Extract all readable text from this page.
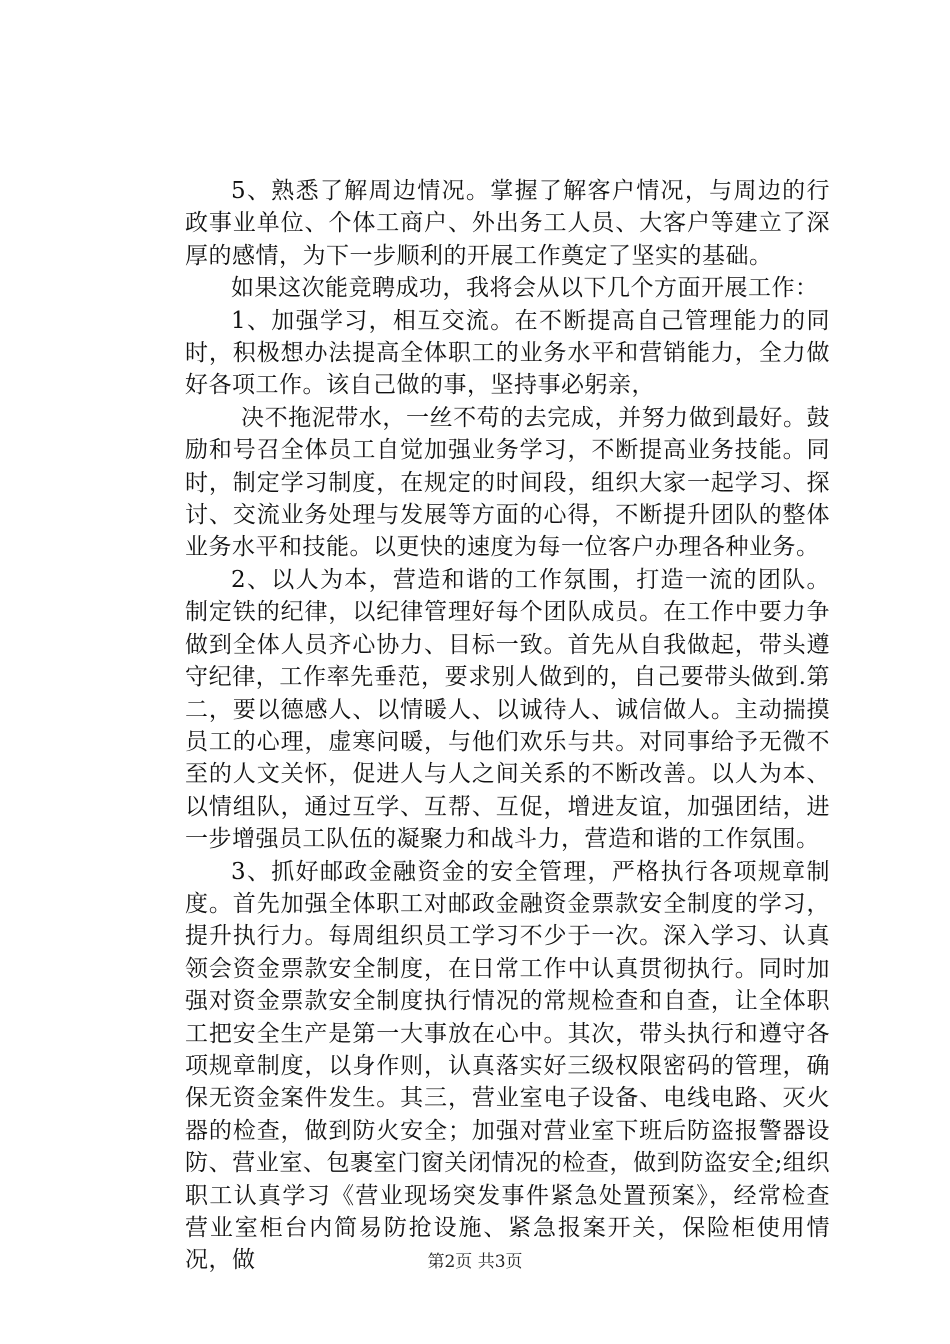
5、熟悉了解周边情况。掌握了解客户情况，与周边的行政事业单位、个体工商户、外出务工人员、大客户等建立了深厚的感情，为下一步顺利的开展工作奠定了坚实的基础。

如果这次能竞聘成功，我将会从以下几个方面开展工作：

1、加强学习，相互交流。在不断提高自己管理能力的同时，积极想办法提高全体职工的业务水平和营销能力，全力做好各项工作。该自己做的事，坚持事必躬亲，

决不拖泥带水，一丝不苟的去完成，并努力做到最好。鼓励和号召全体员工自觉加强业务学习，不断提高业务技能。同时，制定学习制度，在规定的时间段，组织大家一起学习、探讨、交流业务处理与发展等方面的心得，不断提升团队的整体业务水平和技能。以更快的速度为每一位客户办理各种业务。

2、以人为本，营造和谐的工作氛围，打造一流的团队。制定铁的纪律，以纪律管理好每个团队成员。在工作中要力争做到全体人员齐心协力、目标一致。首先从自我做起，带头遵守纪律，工作率先垂范，要求别人做到的，自己要带头做到.第二，要以德感人、以情暖人、以诚待人、诚信做人。主动揣摸员工的心理，虚寒问暖，与他们欢乐与共。对同事给予无微不至的人文关怀，促进人与人之间关系的不断改善。以人为本、以情组队，通过互学、互帮、互促，增进友谊，加强团结，进一步增强员工队伍的凝聚力和战斗力，营造和谐的工作氛围。

3、抓好邮政金融资金的安全管理，严格执行各项规章制度。首先加强全体职工对邮政金融资金票款安全制度的学习，提升执行力。每周组织员工学习不少于一次。深入学习、认真领会资金票款安全制度，在日常工作中认真贯彻执行。同时加强对资金票款安全制度执行情况的常规检查和自查，让全体职工把安全生产是第一大事放在心中。其次，带头执行和遵守各项规章制度，以身作则，认真落实好三级权限密码的管理，确保无资金案件发生。其三，营业室电子设备、电线电路、灭火器的检查，做到防火安全；加强对营业室下班后防盗报警器设防、营业室、包裹室门窗关闭情况的检查，做到防盗安全;组织职工认真学习《营业现场突发事件紧急处置预案》，经常检查营业室柜台内简易防抢设施、紧急报案开关，保险柜使用情况，做	第2页 共3页
